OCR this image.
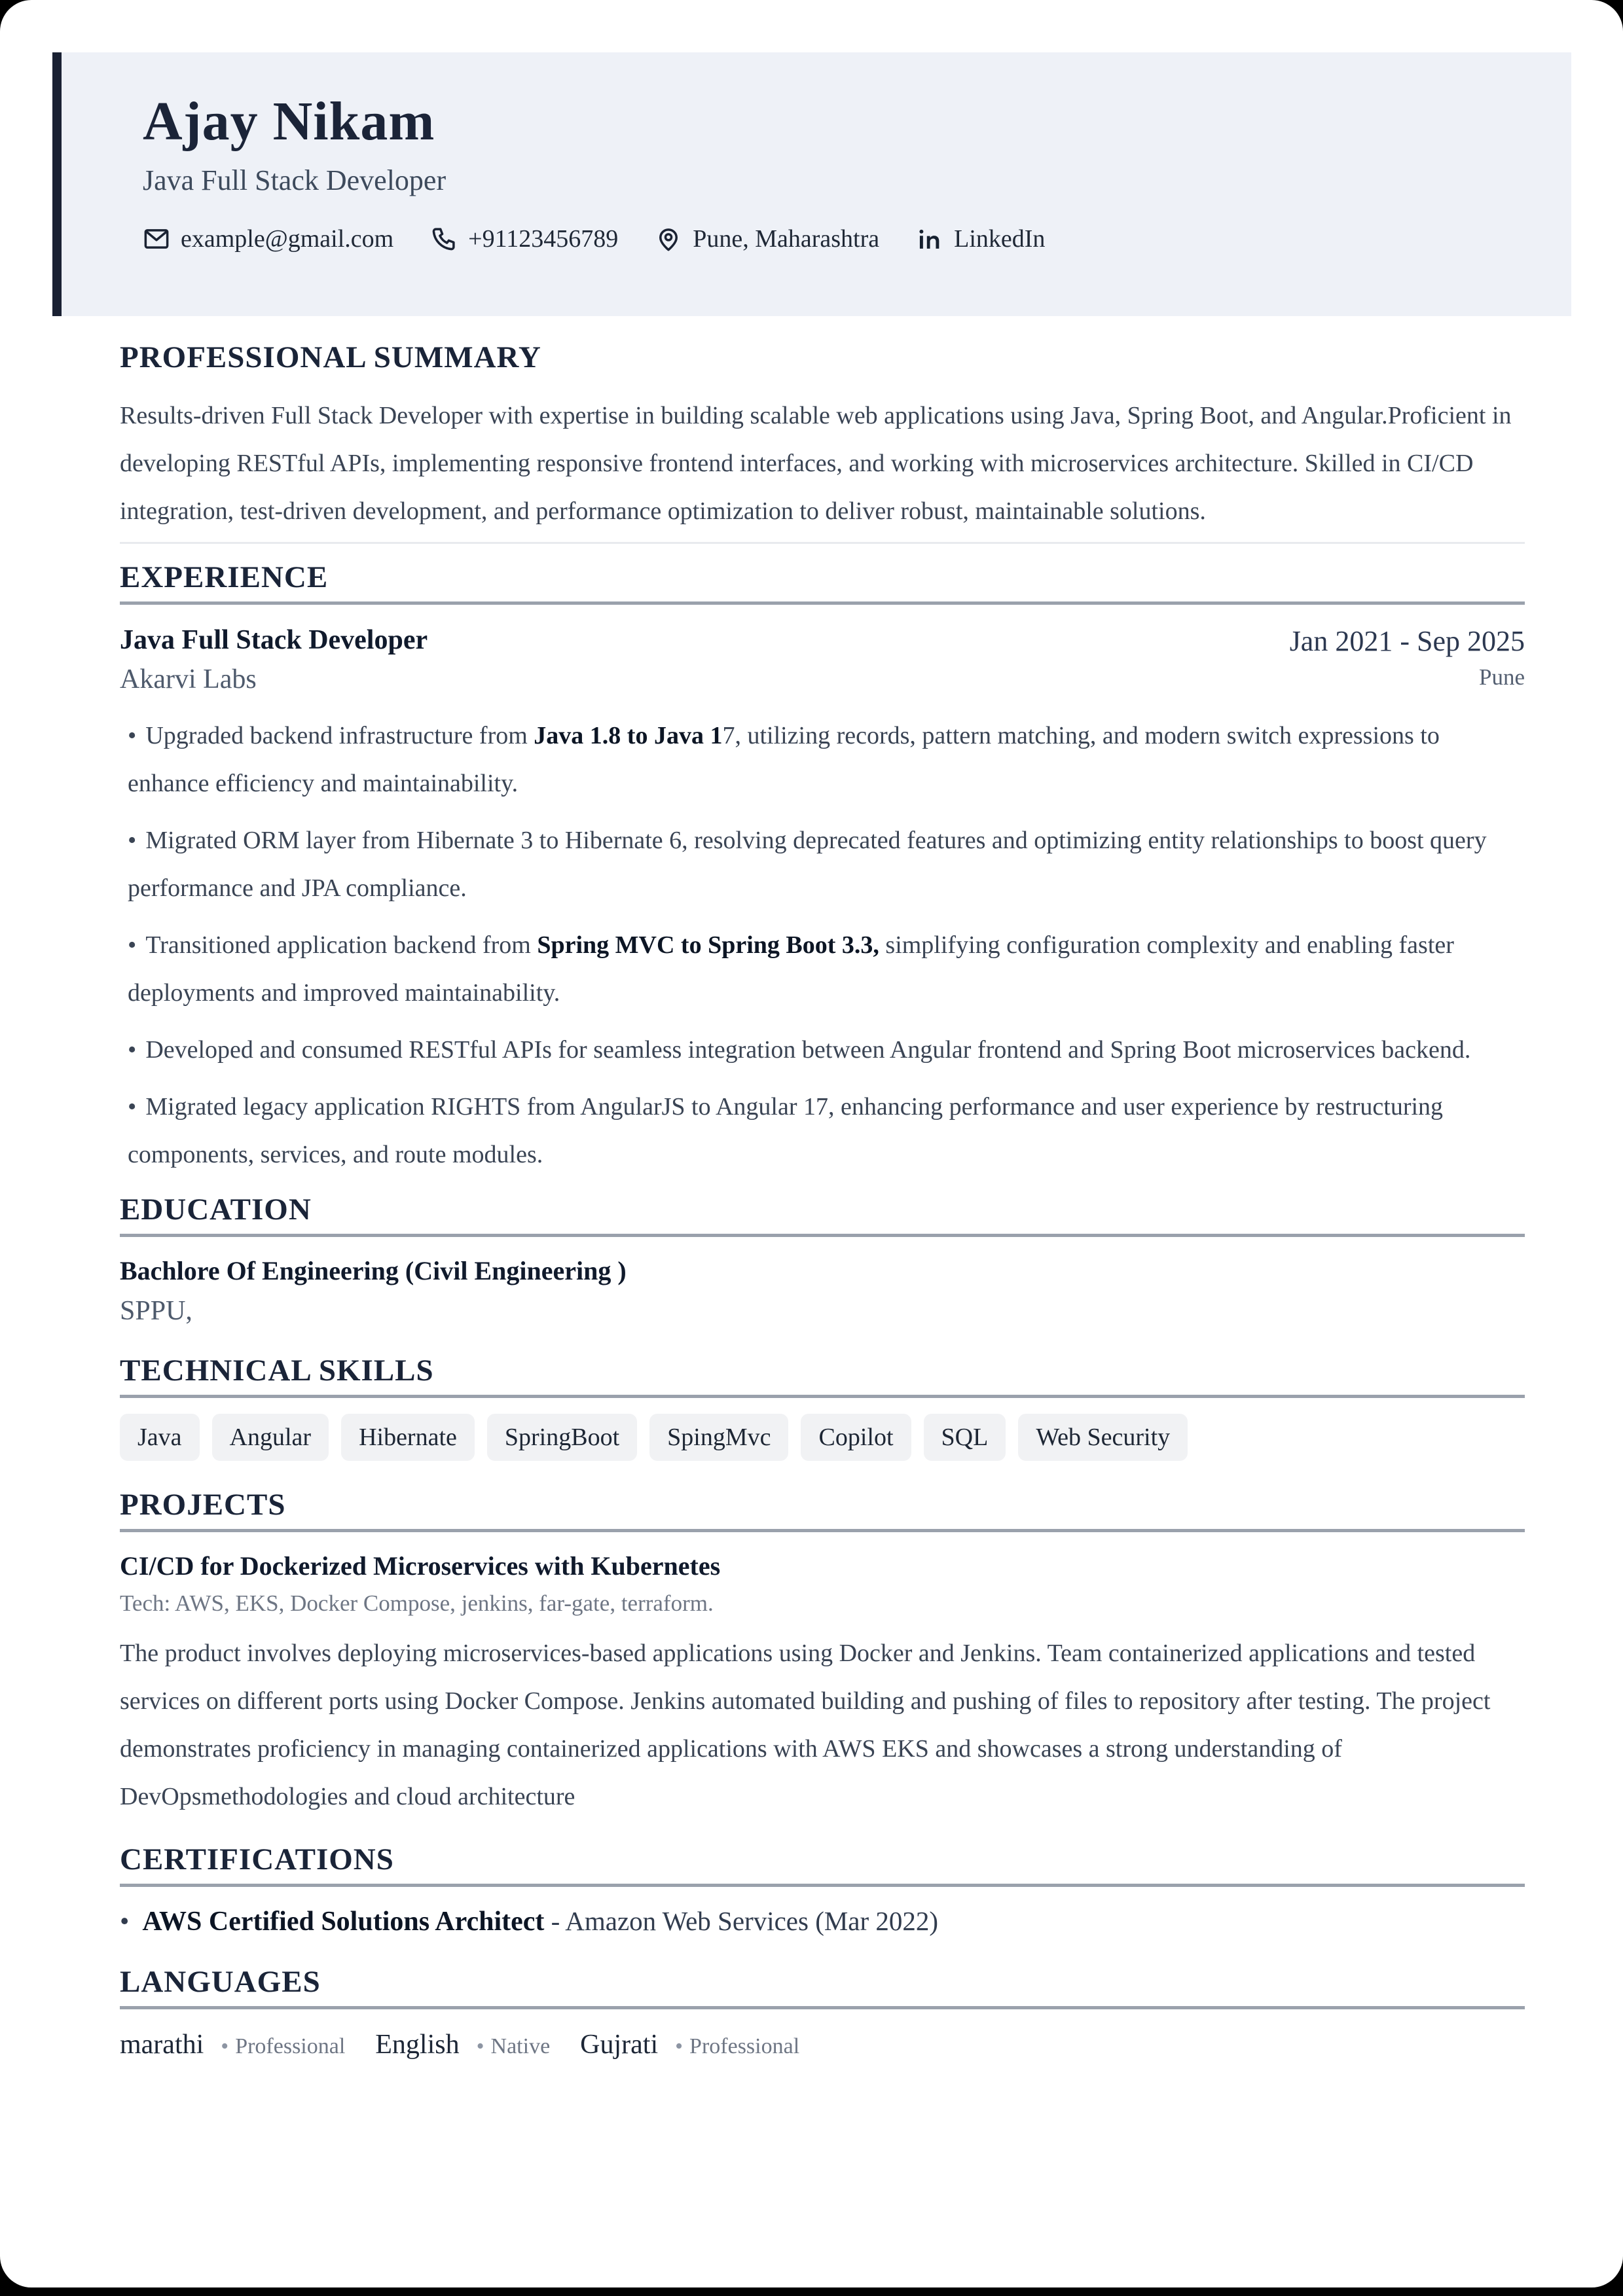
Ajay Nikam
Java Full Stack Developer
example@gmail.com	+91123456789	Pune, Maharashtra	LinkedIn
PROFESSIONAL SUMMARY

Results-driven Full Stack Developer with expertise in building scalable web applications using Java, Spring Boot, and Angular.Proficient in developing RESTful APIs, implementing responsive frontend interfaces, and working with microservices architecture. Skilled in CI/CD integration, test-driven development, and performance optimization to deliver robust, maintainable solutions.

EXPERIENCE
Java Full Stack Developer
Akarvi Labs
Jan 2021 - Sep 2025
Pune

• Upgraded backend infrastructure from Java 1.8 to Java 17, utilizing records, pattern matching, and modern switch expressions to enhance efficiency and maintainability.

• Migrated ORM layer from Hibernate 3 to Hibernate 6, resolving deprecated features and optimizing entity relationships to boost query performance and JPA compliance.

• Transitioned application backend from Spring MVC to Spring Boot 3.3, simplifying configuration complexity and enabling faster deployments and improved maintainability.

• Developed and consumed RESTful APIs for seamless integration between Angular frontend and Spring Boot microservices backend.

• Migrated legacy application RIGHTS from AngularJS to Angular 17, enhancing performance and user experience by restructuring components, services, and route modules.

EDUCATION
Bachlore Of Engineering (Civil Engineering )
SPPU,
TECHNICAL SKILLS
Java	Angular	Hibernate	SpringBoot	SpingMvc	Copilot	SQL	Web Security
PROJECTS
CI/CD for Dockerized Microservices with Kubernetes
Tech: AWS, EKS, Docker Compose, jenkins, far-gate, terraform.

The product involves deploying microservices-based applications using Docker and Jenkins. Team containerized applications and tested services on different ports using Docker Compose. Jenkins automated building and pushing of files to repository after testing. The project demonstrates proficiency in managing containerized applications with AWS EKS and showcases a strong understanding of DevOpsmethodologies and cloud architecture

CERTIFICATIONS

• AWS Certified Solutions Architect - Amazon Web Services (Mar 2022)

LANGUAGES
marathi • Professional English • Native Gujrati • Professional
